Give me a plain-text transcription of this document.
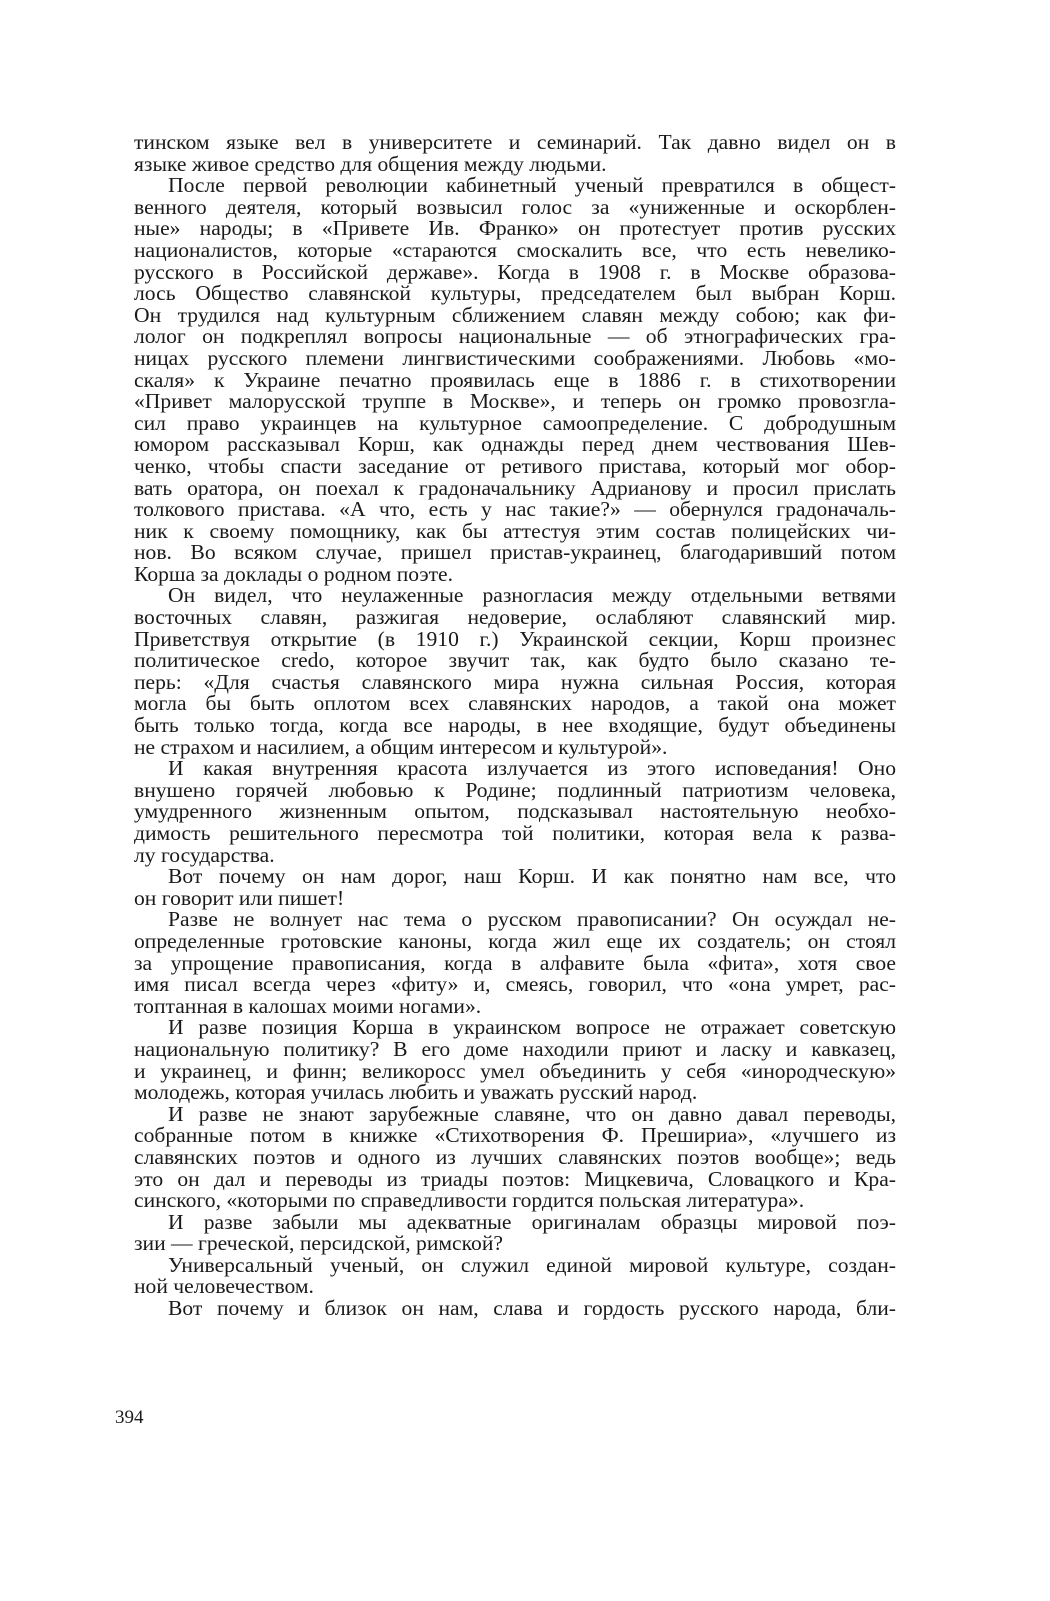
тинском языке вел в университете и семинарий. Так давно видел он в
языке живое средство для общения между людьми.
После первой революции кабинетный ученый превратился в общест-
венного деятеля, который возвысил голос за «униженные и оскорблен-
ные» народы; в «Привете Ив. Франко» он протестует против русских
националистов, которые «стараются смоскалить все, что есть невелико-
русского в Российской державе». Когда в 1908 г. в Москве образова-
лось Общество славянской культуры, председателем был выбран Корш.
Он трудился над культурным сближением славян между собою; как фи-
лолог он подкреплял вопросы национальные — об этнографических гра-
ницах русского племени лингвистическими соображениями. Любовь «мо-
скаля» к Украине печатно проявилась еще в 1886 г. в стихотворении
«Привет малорусской труппе в Москве», и теперь он громко провозгла-
сил право украинцев на культурное самоопределение. С добродушным
юмором рассказывал Корш, как однажды перед днем чествования Шев-
ченко, чтобы спасти заседание от ретивого пристава, который мог обор-
вать оратора, он поехал к градоначальнику Адрианову и просил прислать
толкового пристава. «А что, есть у нас такие?» — обернулся градоначаль-
ник к своему помощнику, как бы аттестуя этим состав полицейских чи-
нов. Во всяком случае, пришел пристав-украинец, благодаривший потом
Корша за доклады о родном поэте.
Он видел, что неулаженные разногласия между отдельными ветвями
восточных славян, разжигая недоверие, ослабляют славянский мир.
Приветствуя открытие (в 1910 г.) Украинской секции, Корш произнес
политическое credo, которое звучит так, как будто было сказано те-
перь: «Для счастья славянского мира нужна сильная Россия, которая
могла бы быть оплотом всех славянских народов, а такой она может
быть только тогда, когда все народы, в нее входящие, будут объединены
не страхом и насилием, а общим интересом и культурой».
И какая внутренняя красота излучается из этого исповедания! Оно
внушено горячей любовью к Родине; подлинный патриотизм человека,
умудренного жизненным опытом, подсказывал настоятельную необхо-
димость решительного пересмотра той политики, которая вела к разва-
лу государства.
Вот почему он нам дорог, наш Корш. И как понятно нам все, что
он говорит или пишет!
Разве не волнует нас тема о русском правописании? Он осуждал не-
определенные гротовские каноны, когда жил еще их создатель; он стоял
за упрощение правописания, когда в алфавите была «фита», хотя свое
имя писал всегда через «фиту» и, смеясь, говорил, что «она умрет, рас-
топтанная в калошах моими ногами».
И разве позиция Корша в украинском вопросе не отражает советскую
национальную политику? В его доме находили приют и ласку и кавказец,
и украинец, и финн; великоросс умел объединить у себя «инородческую»
молодежь, которая училась любить и уважать русский народ.
И разве не знают зарубежные славяне, что он давно давал переводы,
собранные потом в книжке «Стихотворения Ф. Прешириа», «лучшего из
славянских поэтов и одного из лучших славянских поэтов вообще»; ведь
это он дал и переводы из триады поэтов: Мицкевича, Словацкого и Кра-
синского, «которыми по справедливости гордится польская литература».
И разве забыли мы адекватные оригиналам образцы мировой поэ-
зии — греческой, персидской, римской?
Универсальный ученый, он служил единой мировой культуре, создан-
ной человечеством.
Вот почему и близок он нам, слава и гордость русского народа, бли-
394
